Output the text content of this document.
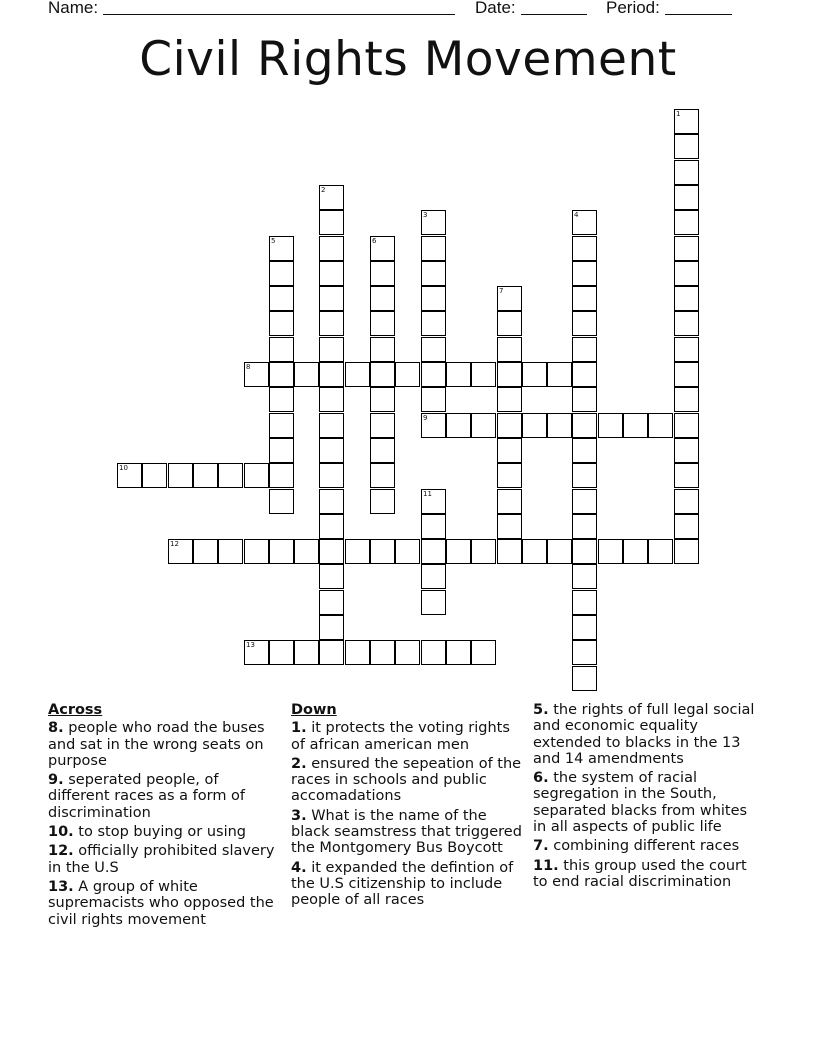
Name:

	Date:

	Period:

Civil Rights Movement
1
2
3	4
5	6
7
8
9
10
11
12
13
Across
8. people who road the buses and sat in the wrong seats on purpose
9. seperated people, of different races as a form of discrimination
10. to stop buying or using
12. officially prohibited slavery in the U.S
13. A group of white supremacists who opposed the civil rights movement
Down
1. it protects the voting rights of african american men
2. ensured the sepeation of the races in schools and public accomadations
3. What is the name of the black seamstress that triggered the Montgomery Bus Boycott
4. it expanded the defintion of the U.S citizenship to include people of all races
5. the rights of full legal social and economic equality extended to blacks in the 13 and 14 amendments
6. the system of racial segregation in the South, separated blacks from whites in all aspects of public life
7. combining different races
11. this group used the court to end racial discrimination
